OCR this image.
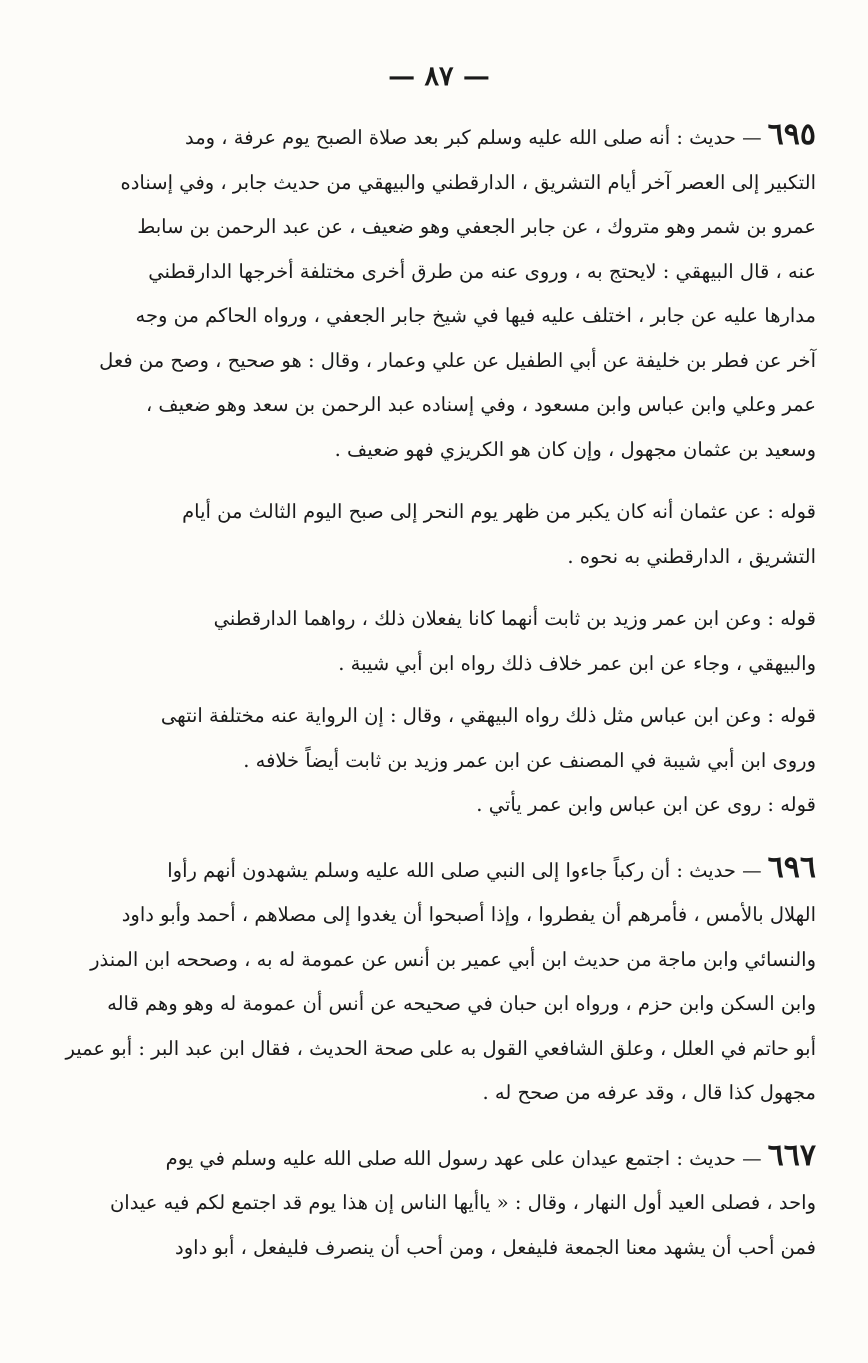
— ٨٧ —
٦٩٥— حديث : أنه صلى الله عليه وسلم كبر بعد صلاة الصبح يوم عرفة ، ومد
التكبير إلى العصر آخر أيام التشريق ، الدارقطني والبيهقي من حديث جابر ، وفي إسناده
عمرو بن شمر وهو متروك ، عن جابر الجعفي وهو ضعيف ، عن عبد الرحمن بن سابط
عنه ، قال البيهقي : لايحتج به ، وروى عنه من طرق أخرى مختلفة أخرجها الدارقطني
مدارها عليه عن جابر ، اختلف عليه فيها في شيخ جابر الجعفي ، ورواه الحاكم من وجه
آخر عن فطر بن خليفة عن أبي الطفيل عن علي وعمار ، وقال : هو صحيح ، وصح من فعل
عمر وعلي وابن عباس وابن مسعود ، وفي إسناده عبد الرحمن بن سعد وهو ضعيف ،
وسعيد بن عثمان مجهول ، وإن كان هو الكريزي فهو ضعيف .
قوله : عن عثمان أنه كان يكبر من ظهر يوم النحر إلى صبح اليوم الثالث من أيام
التشريق ، الدارقطني به نحوه .
قوله : وعن ابن عمر وزيد بن ثابت أنهما كانا يفعلان ذلك ، رواهما الدارقطني
والبيهقي ، وجاء عن ابن عمر خلاف ذلك رواه ابن أبي شيبة .
قوله : وعن ابن عباس مثل ذلك رواه البيهقي ، وقال : إن الرواية عنه مختلفة انتهى
وروى ابن أبي شيبة في المصنف عن ابن عمر وزيد بن ثابت أيضاً خلافه .
قوله : روى عن ابن عباس وابن عمر يأتي .
٦٩٦— حديث : أن ركباً جاءوا إلى النبي صلى الله عليه وسلم يشهدون أنهم رأوا
الهلال بالأمس ، فأمرهم أن يفطروا ، وإذا أصبحوا أن يغدوا إلى مصلاهم ، أحمد وأبو داود
والنسائي وابن ماجة من حديث ابن أبي عمير بن أنس عن عمومة له به ، وصححه ابن المنذر
وابن السكن وابن حزم ، ورواه ابن حبان في صحيحه عن أنس أن عمومة له وهو وهم قاله
أبو حاتم في العلل ، وعلق الشافعي القول به على صحة الحديث ، فقال ابن عبد البر : أبو عمير
مجهول كذا قال ، وقد عرفه من صحح له .
٦٦٧— حديث : اجتمع عيدان على عهد رسول الله صلى الله عليه وسلم في يوم
واحد ، فصلى العيد أول النهار ، وقال : « ياأيها الناس إن هذا يوم قد اجتمع لكم فيه عيدان
فمن أحب أن يشهد معنا الجمعة فليفعل ، ومن أحب أن ينصرف فليفعل ، أبو داود
